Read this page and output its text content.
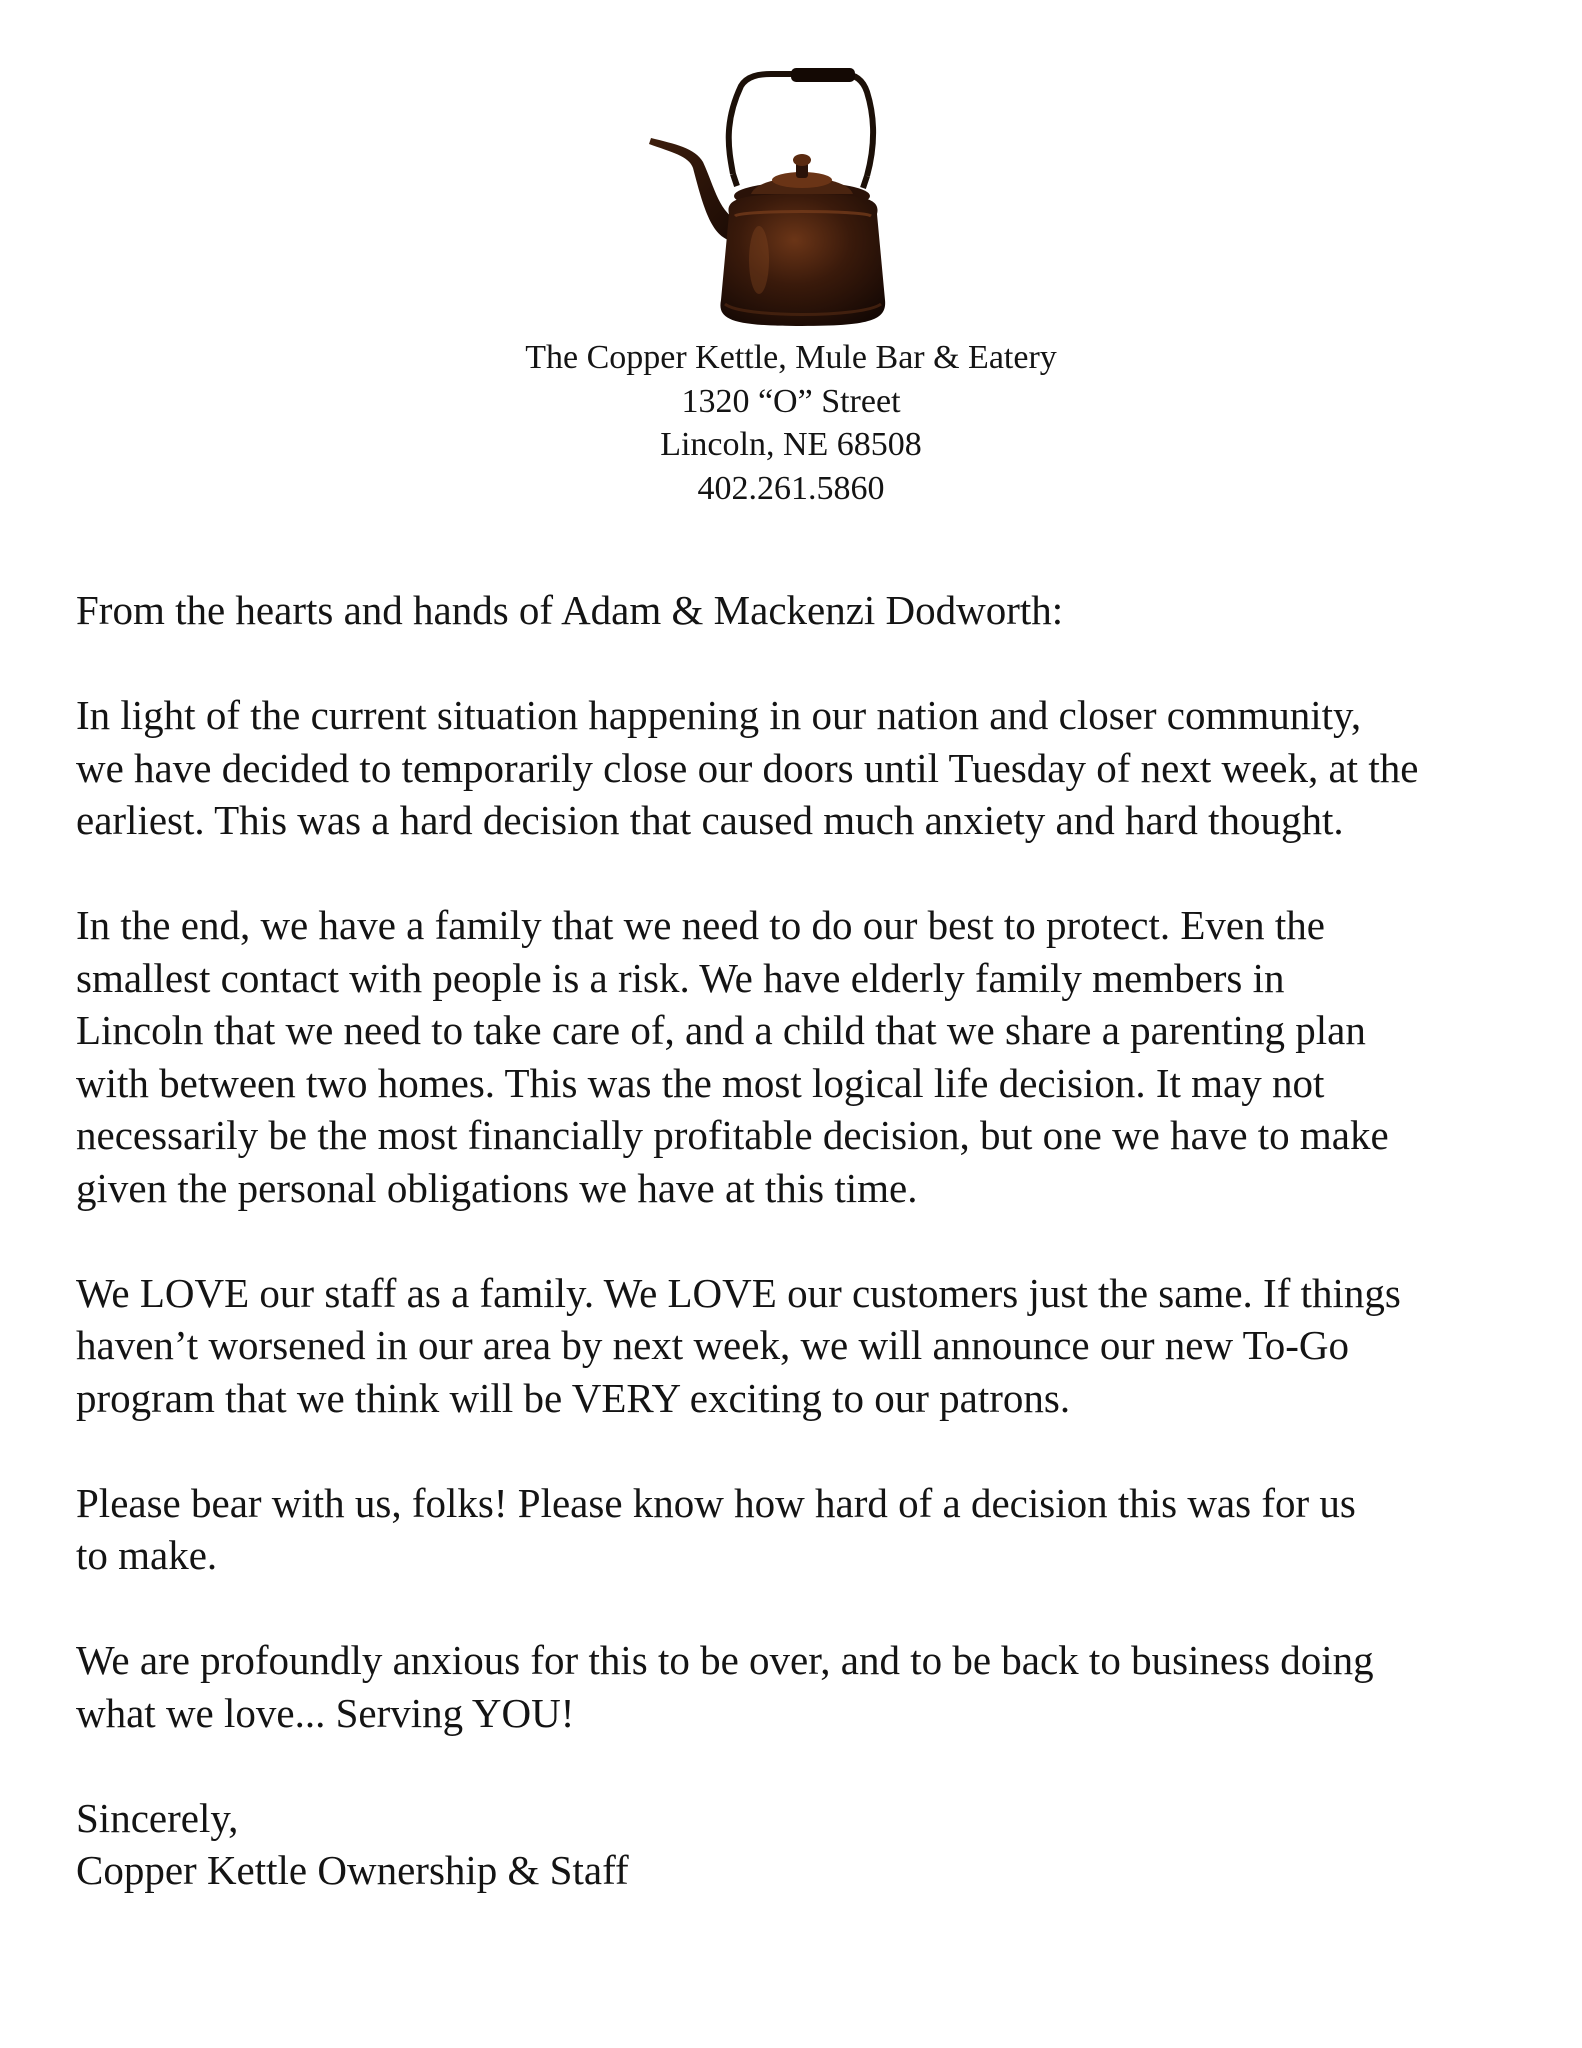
The Copper Kettle, Mule Bar & Eatery
1320 “O” Street
Lincoln, NE 68508
402.261.5860

From the hearts and hands of Adam & Mackenzi Dodworth:

In light of the current situation happening in our nation and closer community,
we have decided to temporarily close our doors until Tuesday of next week, at the
earliest. This was a hard decision that caused much anxiety and hard thought.

In the end, we have a family that we need to do our best to protect. Even the
smallest contact with people is a risk. We have elderly family members in
Lincoln that we need to take care of, and a child that we share a parenting plan
with between two homes. This was the most logical life decision. It may not
necessarily be the most financially profitable decision, but one we have to make
given the personal obligations we have at this time.

We LOVE our staff as a family. We LOVE our customers just the same. If things
haven’t worsened in our area by next week, we will announce our new To-Go
program that we think will be VERY exciting to our patrons.

Please bear with us, folks! Please know how hard of a decision this was for us
to make.

We are profoundly anxious for this to be over, and to be back to business doing
what we love... Serving YOU!

Sincerely,
Copper Kettle Ownership & Staff
